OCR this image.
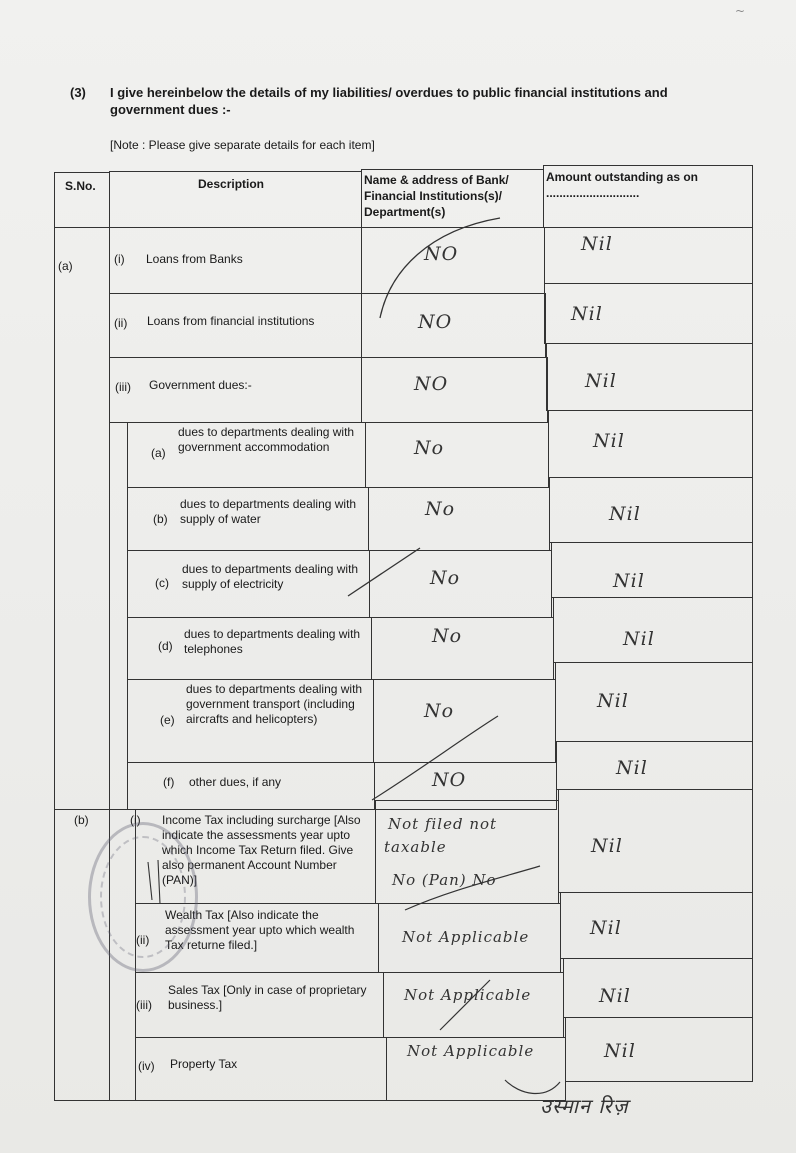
~
(3) I give hereinbelow the details of my liabilities/ overdues to public financial institutions and government dues :-
[Note : Please give separate details for each item]
S.No.	Description	Name & address of Bank/ Financial Institutions(s)/ Department(s)
Amount outstanding as on ............................
(a)
(b)
(i) Loans from Banks
(ii) Loans from financial institutions
(iii) Government dues:-
(a)
dues to departments dealing with government accommodation
(b)
dues to departments dealing with supply of water
(c)
dues to departments dealing with supply of electricity
(d)
dues to departments dealing with telephones
(e)
dues to departments dealing with government transport (including aircrafts and helicopters)
(f) other dues, if any
(i) Income Tax including surcharge [Also indicate the assessments year upto which Income Tax Return filed. Give also permanent Account Number (PAN)]
(ii)
Wealth Tax [Also indicate the assessment year upto which wealth Tax returne filed.]
(iii)
Sales Tax [Only in case of proprietary business.]
(iv) Property Tax
NO
NO
NO
No
No
No
No
No
NO
Not filed not
taxable
No (Pan) No
Not Applicable
Not Applicable
Not Applicable
Nil
Nil
Nil
Nil
Nil
Nil
Nil
Nil
Nil
Nil
Nil
Nil
Nil
उस्मान रिज़
